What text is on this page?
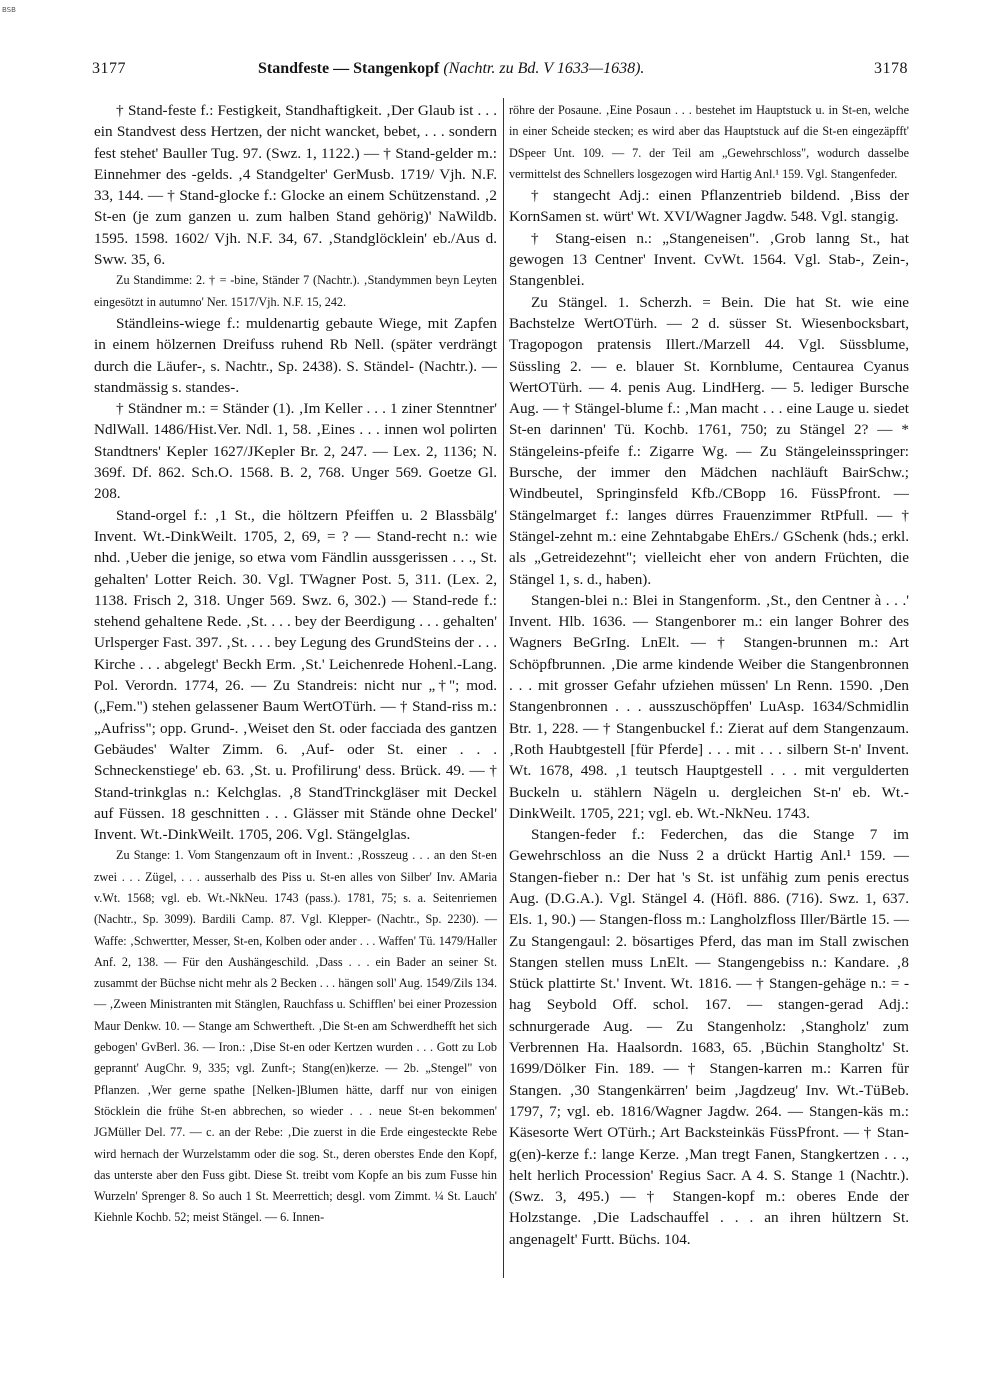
BSB
3177	Standfeste — Stangenkopf (Nachtr. zu Bd. V 1633—1638).	3178

† Stand-feste f.: Festigkeit, Standhaftigkeit. ‚Der Glaub ist . . . ein Standvest dess Hertzen, der nicht wancket, bebet, . . . sondern fest stehet' Bauller Tug. 97. (Swz. 1, 1122.) — † Stand-gelder m.: Einnehmer des -gelds. ‚4 Standgelter' GerMusb. 1719/ Vjh. N.F. 33, 144. — † Stand-glocke f.: Glocke an einem Schützenstand. ‚2 St-en (je zum ganzen u. zum halben Stand gehörig)' NaWildb. 1595. 1598. 1602/ Vjh. N.F. 34, 67. ‚Standglöcklein' eb./Aus d. Sww. 35, 6.

Zu Standimme: 2. † = -bine, Ständer 7 (Nachtr.). ‚Standymmen beyn Leyten eingesötzt in autumno' Ner. 1517/Vjh. N.F. 15, 242.

Ständleins-wiege f.: muldenartig gebaute Wiege, mit Zapfen in einem hölzernen Dreifuss ruhend Rb Nell. (später verdrängt durch die Läufer-, s. Nachtr., Sp. 2438). S. Ständel- (Nachtr.). — standmässig s. standes-.

† Ständner m.: = Ständer (1). ‚Im Keller . . . 1 ziner Stenntner' NdlWall. 1486/Hist.Ver. Ndl. 1, 58. ‚Eines . . . innen wol polirten Standtners' Kepler 1627/JKepler Br. 2, 247. — Lex. 2, 1136; N. 369f. Df. 862. Sch.O. 1568. B. 2, 768. Unger 569. Goetze Gl. 208.

Stand-orgel f.: ‚1 St., die höltzern Pfeiffen u. 2 Blassbälg' Invent. Wt.-DinkWeilt. 1705, 2, 69, = ? — Stand-recht n.: wie nhd. ‚Ueber die jenige, so etwa vom Fändlin aussgerissen . . ., St. gehalten' Lotter Reich. 30. Vgl. TWagner Post. 5, 311. (Lex. 2, 1138. Frisch 2, 318. Unger 569. Swz. 6, 302.) — Stand-rede f.: stehend gehaltene Rede. ‚St. . . . bey der Beerdigung . . . gehalten' Urlsperger Fast. 397. ‚St. . . . bey Legung des GrundSteins der . . . Kirche . . . abgelegt' Beckh Erm. ‚St.' Leichenrede Hohenl.-Lang. Pol. Verordn. 1774, 26. — Zu Standreis: nicht nur „†"; mod. („Fem.") stehen gelassener Baum WertOTürh. — † Stand-riss m.: „Aufriss"; opp. Grund-. ‚Weiset den St. oder facciada des gantzen Gebäudes' Walter Zimm. 6. ‚Auf- oder St. einer . . . Schneckenstiege' eb. 63. ‚St. u. Profilirung' dess. Brück. 49. — † Stand-trinkglas n.: Kelchglas. ‚8 StandTrinckgläser mit Deckel auf Füssen. 18 geschnitten . . . Glässer mit Stände ohne Deckel' Invent. Wt.-DinkWeilt. 1705, 206. Vgl. Stängelglas.

Zu Stange: 1. Vom Stangenzaum oft in Invent.: ‚Rosszeug . . . an den St-en zwei . . . Zügel, . . . ausserhalb des Piss u. St-en alles von Silber' Inv. AMaria v.Wt. 1568; vgl. eb. Wt.-NkNeu. 1743 (pass.). 1781, 75; s. a. Seitenriemen (Nachtr., Sp. 3099). Bardili Camp. 87. Vgl. Klepper- (Nachtr., Sp. 2230). — Waffe: ‚Schwertter, Messer, St-en, Kolben oder ander . . . Waffen' Tü. 1479/Haller Anf. 2, 138. — Für den Aushängeschild. ‚Dass . . . ein Bader an seiner St. zusammt der Büchse nicht mehr als 2 Becken . . . hängen soll' Aug. 1549/Zils 134. — ‚Zween Ministranten mit Stänglen, Rauchfass u. Schifflen' bei einer Prozession Maur Denkw. 10. — Stange am Schwertheft. ‚Die St-en am Schwerdhefft het sich gebogen' GvBerl. 36. — Iron.: ‚Dise St-en oder Kertzen wurden . . . Gott zu Lob geprannt' AugChr. 9, 335; vgl. Zunft-; Stang(en)kerze. — 2b. „Stengel" von Pflanzen. ‚Wer gerne spathe [Nelken-]Blumen hätte, darff nur von einigen Stöcklein die frühe St-en abbrechen, so wieder . . . neue St-en bekommen' JGMüller Del. 77. — c. an der Rebe: ‚Die zuerst in die Erde eingesteckte Rebe wird hernach der Wurzelstamm oder die sog. St., deren oberstes Ende den Kopf, das unterste aber den Fuss gibt. Diese St. treibt vom Kopfe an bis zum Fusse hin Wurzeln' Sprenger 8. So auch 1 St. Meerrettich; desgl. vom Zimmt. ¼ St. Lauch' Kiehnle Kochb. 52; meist Stängel. — 6. Innen-

röhre der Posaune. ‚Eine Posaun . . . bestehet im Hauptstuck u. in St-en, welche in einer Scheide stecken; es wird aber das Hauptstuck auf die St-en eingezäpfft' DSpeer Unt. 109. — 7. der Teil am „Gewehrschloss", wodurch dasselbe vermittelst des Schnellers losgezogen wird Hartig Anl.¹ 159. Vgl. Stangenfeder.

† stangecht Adj.: einen Pflanzentrieb bildend. ‚Biss der KornSamen st. würt' Wt. XVI/Wagner Jagdw. 548. Vgl. stangig.

† Stang-eisen n.: „Stangeneisen". ‚Grob lanng St., hat gewogen 13 Centner' Invent. CvWt. 1564. Vgl. Stab-, Zein-, Stangenblei.

Zu Stängel. 1. Scherzh. = Bein. Die hat St. wie eine Bachstelze WertOTürh. — 2 d. süsser St. Wiesenbocksbart, Tragopogon pratensis Illert./Marzell 44. Vgl. Süssblume, Süssling 2. — e. blauer St. Kornblume, Centaurea Cyanus WertOTürh. — 4. penis Aug. LindHerg. — 5. lediger Bursche Aug. — † Stängel-blume f.: ‚Man macht . . . eine Lauge u. siedet St-en darinnen' Tü. Kochb. 1761, 750; zu Stängel 2? — * Stängeleins-pfeife f.: Zigarre Wg. — Zu Stängeleinsspringer: Bursche, der immer den Mädchen nachläuft BairSchw.; Windbeutel, Springinsfeld Kfb./CBopp 16. FüssPfront. — Stängelmarget f.: langes dürres Frauenzimmer RtPfull. — † Stängel-zehnt m.: eine Zehntabgabe EhErs./ GSchenk (hds.; erkl. als „Getreidezehnt"; vielleicht eher von andern Früchten, die Stängel 1, s. d., haben).

Stangen-blei n.: Blei in Stangenform. ‚St., den Centner à . . .' Invent. Hlb. 1636. — Stangenborer m.: ein langer Bohrer des Wagners BeGrIng. LnElt. — † Stangen-brunnen m.: Art Schöpfbrunnen. ‚Die arme kindende Weiber die Stangenbronnen . . . mit grosser Gefahr ufziehen müssen' Ln Renn. 1590. ‚Den Stangenbronnen . . . ausszuschöpffen' LuAsp. 1634/Schmidlin Btr. 1, 228. — † Stangenbuckel f.: Zierat auf dem Stangenzaum. ‚Roth Haubtgestell [für Pferde] . . . mit . . . silbern St-n' Invent. Wt. 1678, 498. ‚1 teutsch Hauptgestell . . . mit vergulderten Buckeln u. stählern Nägeln u. dergleichen St-n' eb. Wt.-DinkWeilt. 1705, 221; vgl. eb. Wt.-NkNeu. 1743.

Stangen-feder f.: Federchen, das die Stange 7 im Gewehrschloss an die Nuss 2 a drückt Hartig Anl.¹ 159. — Stangen-fieber n.: Der hat 's St. ist unfähig zum penis erectus Aug. (D.G.A.). Vgl. Stängel 4. (Höfl. 886. (716). Swz. 1, 637. Els. 1, 90.) — Stangen-floss m.: Langholzfloss Iller/Bärtle 15. — Zu Stangengaul: 2. bösartiges Pferd, das man im Stall zwischen Stangen stellen muss LnElt. — Stangengebiss n.: Kandare. ‚8 Stück plattirte St.' Invent. Wt. 1816. — † Stangen-gehäge n.: = -hag Seybold Off. schol. 167. — stangen-gerad Adj.: schnurgerade Aug. — Zu Stangenholz: ‚Stangholz' zum Verbrennen Ha. Haalsordn. 1683, 65. ‚Büchin Stangholtz' St. 1699/Dölker Fin. 189. — † Stangen-karren m.: Karren für Stangen. ‚30 Stangenkärren' beim ‚Jagdzeug' Inv. Wt.-TüBeb. 1797, 7; vgl. eb. 1816/Wagner Jagdw. 264. — Stangen-käs m.: Käsesorte Wert OTürh.; Art Backsteinkäs FüssPfront. — † Stan-g(en)-kerze f.: lange Kerze. ‚Man tregt Fanen, Stangkertzen . . ., helt herlich Procession' Regius Sacr. A 4. S. Stange 1 (Nachtr.). (Swz. 3, 495.) — † Stangen-kopf m.: oberes Ende der Holzstange. ‚Die Ladschauffel . . . an ihren hültzern St. angenagelt' Furtt. Büchs. 104.
